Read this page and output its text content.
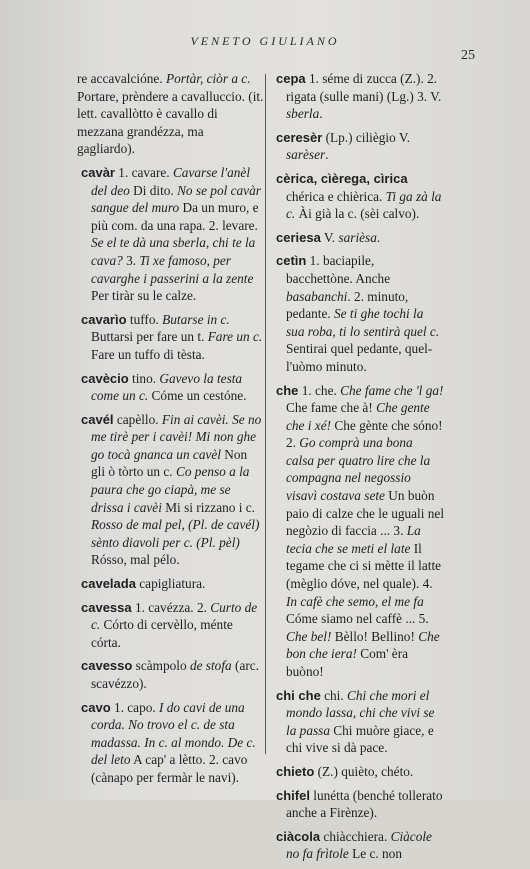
VENETO GIULIANO
25

re accavalcióne. Portàr, ciòr a c. Portare, prèndere a cavalluccio. (it. lett. cavallòtto è cavallo di mezzana grandézza, ma gagliardo).

cavàr 1. cavare. Cavarse l'anèl del deo Di dito. No se pol cavàr sangue del muro Da un muro, e più com. da una rapa. 2. levare. Se el te dà una sberla, chi te la cava? 3. Ti xe famoso, per cavarghe i passerini a la zente Per tiràr su le calze.

cavarìo tuffo. Butarse in c. Buttarsi per fare un t. Fare un c. Fare un tuffo di tèsta.

cavècio tino. Gavevo la testa come un c. Cóme un cestóne.

cavél capèllo. Fin ai cavèi. Se no me tirè per i cavèi! Mi non ghe go tocà gnanca un cavèl Non gli ò tòrto un c. Co penso a la paura che go ciapà, me se drissa i cavèi Mi si rizzano i c. Rosso de mal pel, (Pl. de cavél) sènto diavoli per c. (Pl. pèl) Rósso, mal pélo.

cavelada capigliatura.

cavessa 1. cavézza. 2. Curto de c. Córto di cervèllo, ménte córta.

cavesso scàmpolo de stofa (arc. scavézzo).

cavo 1. capo. I do cavi de una corda. No trovo el c. de sta madassa. In c. al mondo. De c. del leto A cap' a lètto. 2. cavo (cànapo per fermàr le navi).

cepa 1. séme di zucca (Z.). 2. rigata (sulle mani) (Lg.) 3. V. sberla.

ceresèr (Lp.) ciliègio V. sarèser.

cèrica, cìèrega, cìrica chérica e chièrica. Ti ga zà la c. Ài già la c. (sèi calvo).

ceriesa V. sarièsa.

cetìn 1. baciapile, bacchettòne. Anche basabanchi. 2. minuto, pedante. Se ti ghe tochi la sua roba, ti lo sentirà quel c. Sentirai quel pedante, quel-l'uòmo minuto.

che 1. che. Che fame che 'l ga! Che fame che à! Che gente che i xé! Che gènte che sóno! 2. Go comprà una bona calsa per quatro lire che la compagna nel negossio visavì costava sete Un buòn paio di calze che le uguali nel negòzio di faccia ... 3. La tecia che se meti el late Il tegame che ci si mètte il latte (mèglio dóve, nel quale). 4. In cafè che semo, el me fa Cóme siamo nel caffè ... 5. Che bel! Bèllo! Bellino! Che bon che iera! Com' èra buòno!

chi che chi. Chi che mori el mondo lassa, chi che vivi se la passa Chi muòre giace, e chi vive si dà pace.

chieto (Z.) quièto, chéto.

chifel lunétta (benché tollerato anche a Firènze).

ciàcola chiàcchiera. Ciàcole no fa frìtole Le c. non
